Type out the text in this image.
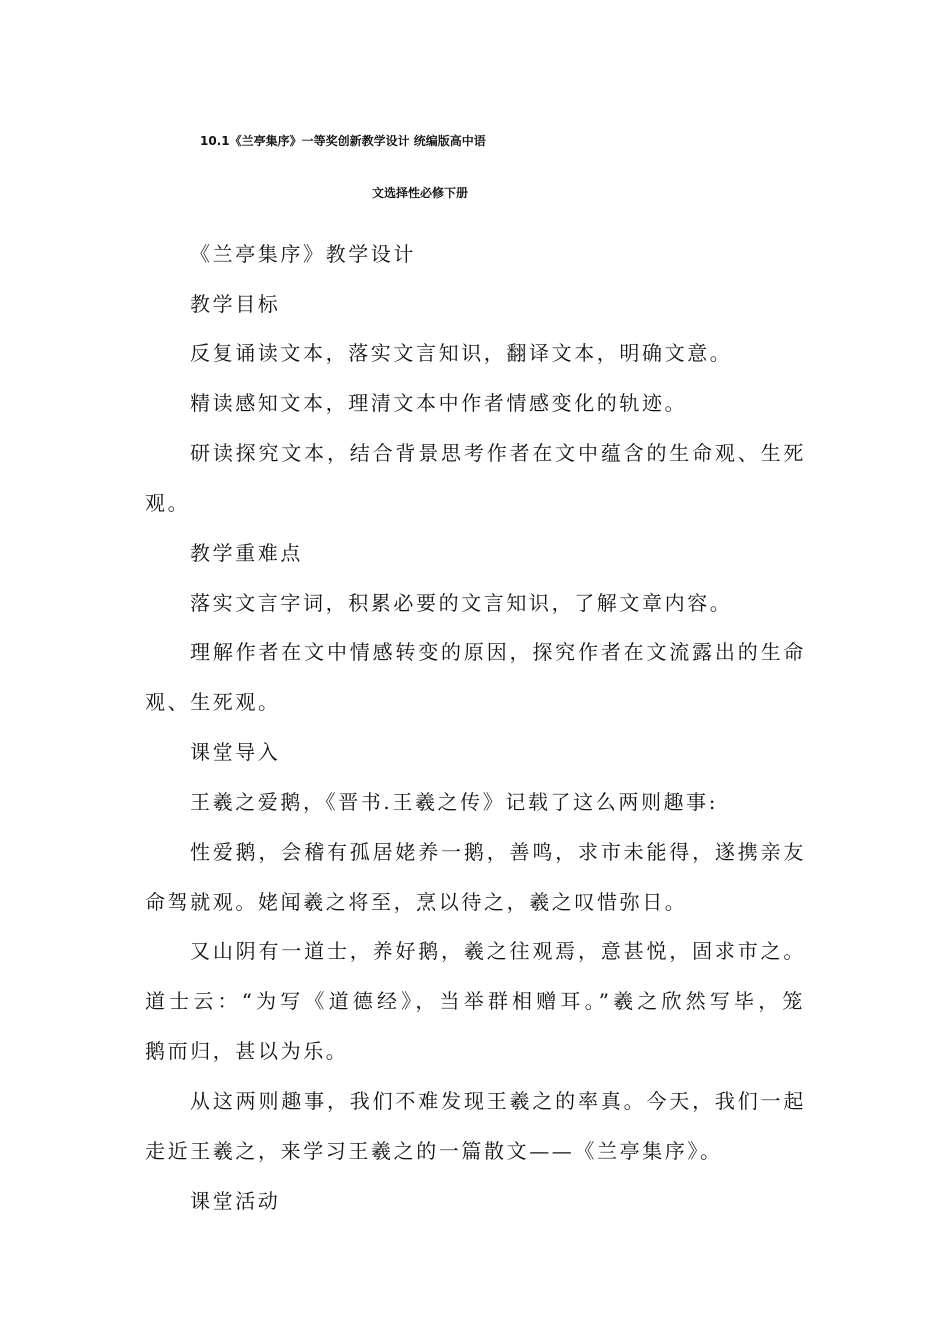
10.1《兰亭集序》一等奖创新教学设计 统编版高中语
文选择性必修下册

《兰亭集序》教学设计

教学目标

反复诵读文本，落实文言知识，翻译文本，明确文意。

精读感知文本，理清文本中作者情感变化的轨迹。

研读探究文本，结合背景思考作者在文中蕴含的生命观、生死

观。

教学重难点

落实文言字词，积累必要的文言知识，了解文章内容。

理解作者在文中情感转变的原因，探究作者在文流露出的生命

观、生死观。

课堂导入

王羲之爱鹅，《晋书.王羲之传》记载了这么两则趣事:

性爱鹅，会稽有孤居姥养一鹅，善鸣，求市未能得，遂携亲友

命驾就观。姥闻羲之将至，烹以待之，羲之叹惜弥日。

又山阴有一道士，养好鹅，羲之往观焉，意甚悦，固求市之。

道士云：“为写《道德经》，当举群相赠耳。”羲之欣然写毕，笼

鹅而归，甚以为乐。

从这两则趣事，我们不难发现王羲之的率真。今天，我们一起

走近王羲之，来学习王羲之的一篇散文——《兰亭集序》。

课堂活动
